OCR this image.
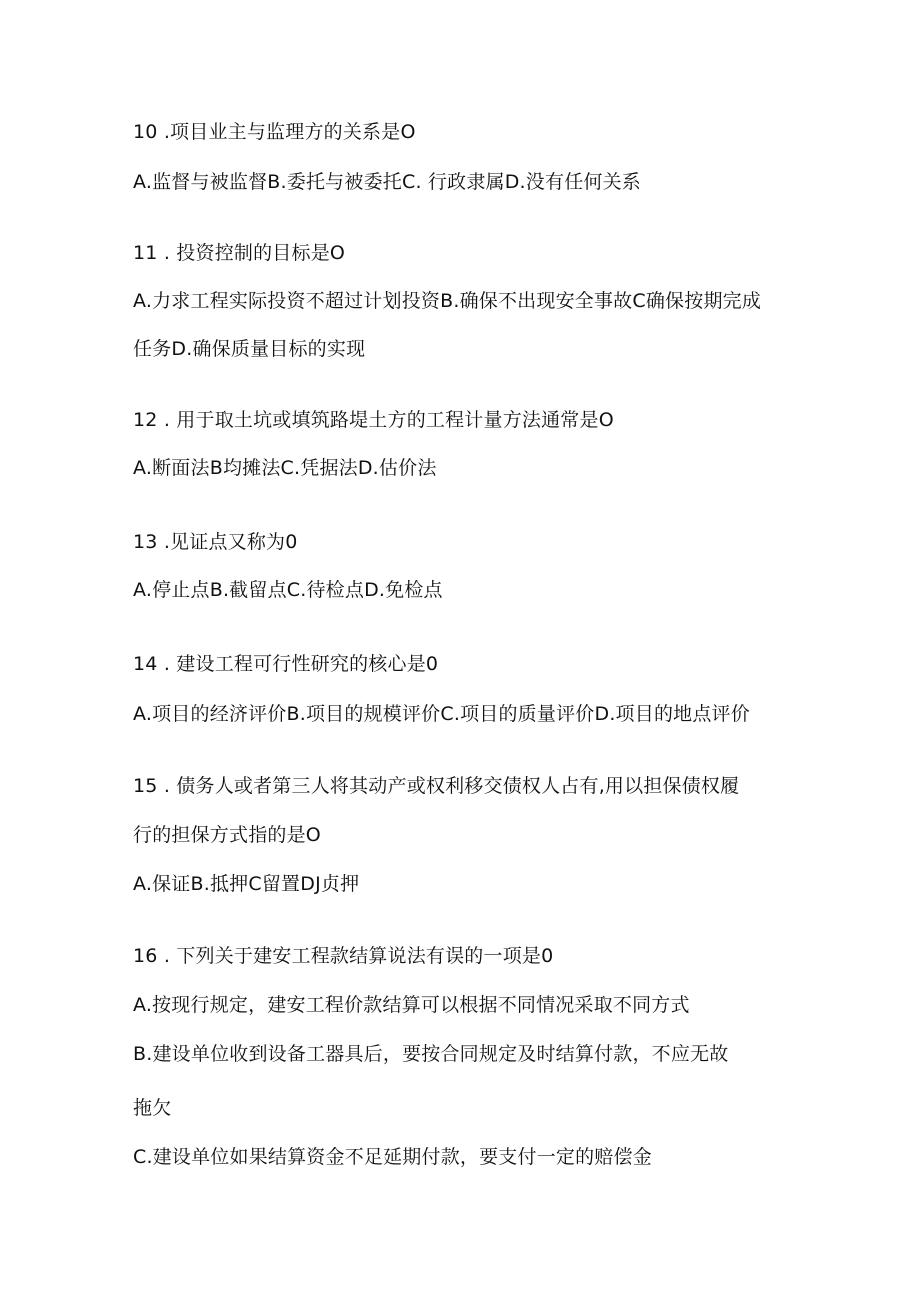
10 .项目业主与监理方的关系是O
A.监督与被监督B.委托与被委托C. 行政隶属D.没有任何关系
11 . 投资控制的目标是O
A.力求工程实际投资不超过计划投资B.确保不出现安全事故C确保按期完成
任务D.确保质量目标的实现
12 . 用于取土坑或填筑路堤土方的工程计量方法通常是O
A.断面法B均摊法C.凭据法D.估价法
13 .见证点又称为0
A.停止点B.截留点C.待检点D.免检点
14 . 建设工程可行性研究的核心是0
A.项目的经济评价B.项目的规模评价C.项目的质量评价D.项目的地点评价
15 . 债务人或者第三人将其动产或权利移交债权人占有,用以担保债权履
行的担保方式指的是O
A.保证B.抵押C留置DJ贞押
16 . 下列关于建安工程款结算说法有误的一项是0
A.按现行规定，建安工程价款结算可以根据不同情况采取不同方式
B.建设单位收到设备工器具后，要按合同规定及时结算付款，不应无故
拖欠
C.建设单位如果结算资金不足延期付款，要支付一定的赔偿金
